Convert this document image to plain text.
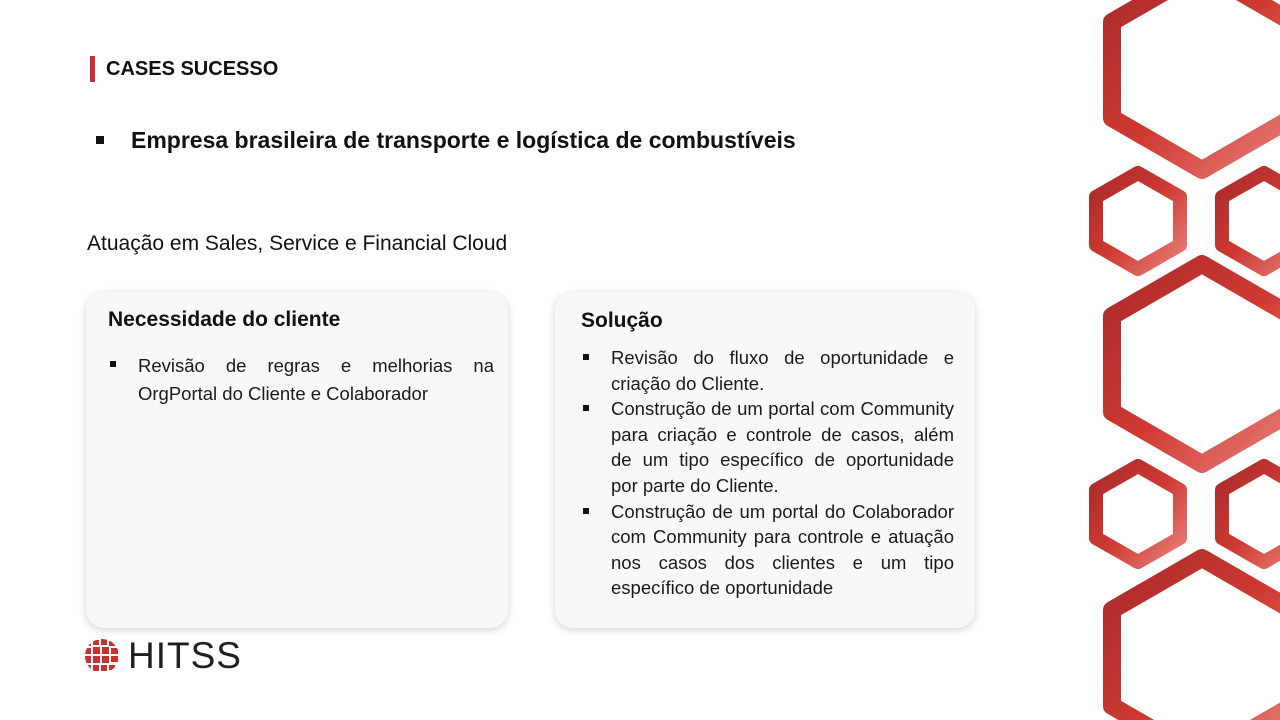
CASES SUCESSO
Empresa brasileira de transporte e logística de combustíveis
Atuação em Sales, Service e Financial Cloud
Necessidade do cliente
Revisão de regras e melhorias na OrgPortal do Cliente e Colaborador
Solução
Revisão do fluxo de oportunidade e criação do Cliente.
Construção de um portal com Community para criação e controle de casos, além de um tipo específico de oportunidade por parte do Cliente.
Construção de um portal do Colaborador com Community para controle e atuação nos casos dos clientes e um tipo específico de oportunidade
HITSS
